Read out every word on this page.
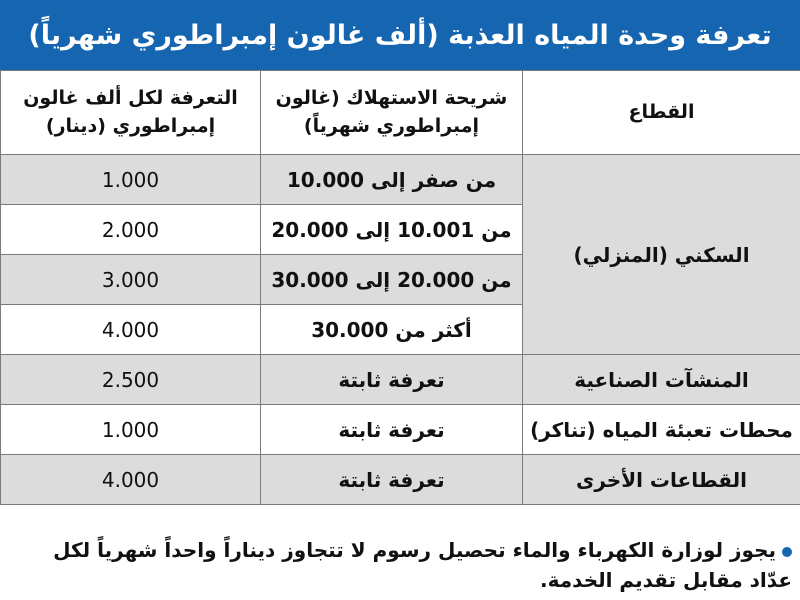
تعرفة وحدة المياه العذبة (ألف غالون إمبراطوري شهرياً)
القطاع	شريحة الاستهلاك (غالون إمبراطوري شهرياً)	التعرفة لكل ألف غالون إمبراطوري (دينار)
السكني (المنزلي)	من صفر إلى 10.000	1.000
	من 10.001 إلى 20.000	2.000
	من 20.000 إلى 30.000	3.000
	أكثر من 30.000	4.000
المنشآت الصناعية	تعرفة ثابتة	2.500
محطات تعبئة المياه (تناكر)	تعرفة ثابتة	1.000
القطاعات الأخرى	تعرفة ثابتة	4.000
يجوز لوزارة الكهرباء والماء تحصيل رسوم لا تتجاوز ديناراً واحداً شهرياً لكل عدّاد مقابل تقديم الخدمة.
